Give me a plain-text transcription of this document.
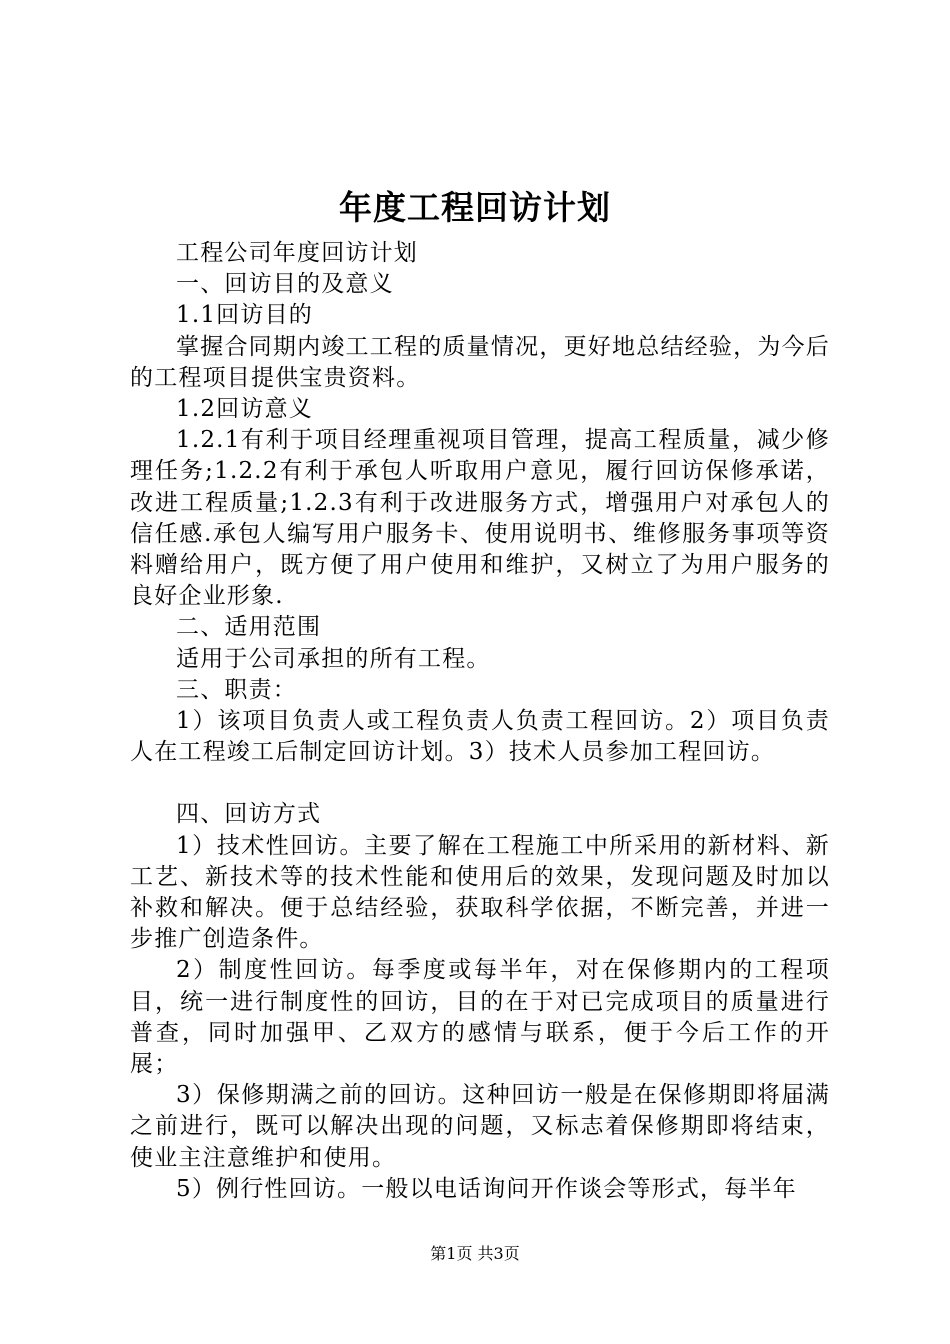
年度工程回访计划

工程公司年度回访计划

一、回访目的及意义

1.1回访目的

掌握合同期内竣工工程的质量情况，更好地总结经验，为今后的工程项目提供宝贵资料。

1.2回访意义

1.2.1有利于项目经理重视项目管理，提高工程质量，减少修理任务;1.2.2有利于承包人听取用户意见，履行回访保修承诺，改进工程质量;1.2.3有利于改进服务方式，增强用户对承包人的信任感.承包人编写用户服务卡、使用说明书、维修服务事项等资料赠给用户，既方便了用户使用和维护，又树立了为用户服务的良好企业形象.

二、适用范围

适用于公司承担的所有工程。

三、职责：

1）该项目负责人或工程负责人负责工程回访。2）项目负责人在工程竣工后制定回访计划。3）技术人员参加工程回访。

四、回访方式

1）技术性回访。主要了解在工程施工中所采用的新材料、新工艺、新技术等的技术性能和使用后的效果，发现问题及时加以补救和解决。便于总结经验，获取科学依据，不断完善，并进一步推广创造条件。

2）制度性回访。每季度或每半年，对在保修期内的工程项目，统一进行制度性的回访，目的在于对已完成项目的质量进行普查，同时加强甲、乙双方的感情与联系，便于今后工作的开展；

3）保修期满之前的回访。这种回访一般是在保修期即将届满之前进行，既可以解决出现的问题，又标志着保修期即将结束，使业主注意维护和使用。

5）例行性回访。一般以电话询问开作谈会等形式，每半年

第1页 共3页
